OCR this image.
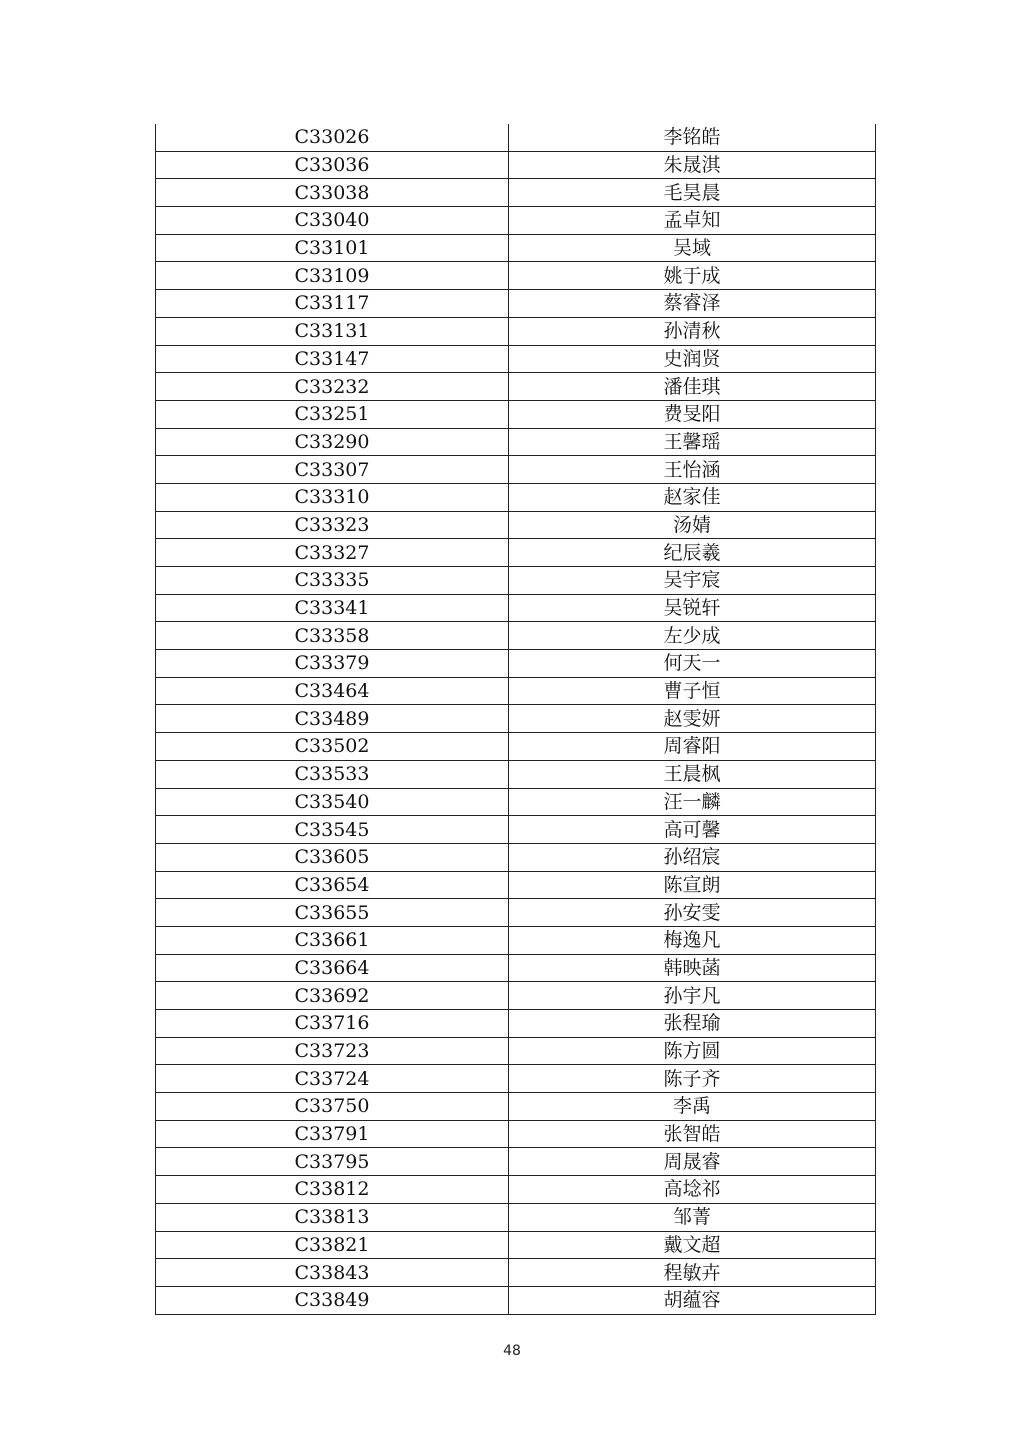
C33026	李铭皓
C33036	朱晟淇
C33038	毛昊晨
C33040	孟卓知
C33101	吴域
C33109	姚于成
C33117	蔡睿泽
C33131	孙清秋
C33147	史润贤
C33232	潘佳琪
C33251	费旻阳
C33290	王馨瑶
C33307	王怡涵
C33310	赵家佳
C33323	汤婧
C33327	纪辰羲
C33335	吴宇宸
C33341	吴锐轩
C33358	左少成
C33379	何天一
C33464	曹子恒
C33489	赵雯妍
C33502	周睿阳
C33533	王晨枫
C33540	汪一麟
C33545	高可馨
C33605	孙绍宸
C33654	陈宣朗
C33655	孙安雯
C33661	梅逸凡
C33664	韩映菡
C33692	孙宇凡
C33716	张程瑜
C33723	陈方圆
C33724	陈子齐
C33750	李禹
C33791	张智皓
C33795	周晟睿
C33812	高埝祁
C33813	邹菁
C33821	戴文超
C33843	程敏卉
C33849	胡蕴容
48
